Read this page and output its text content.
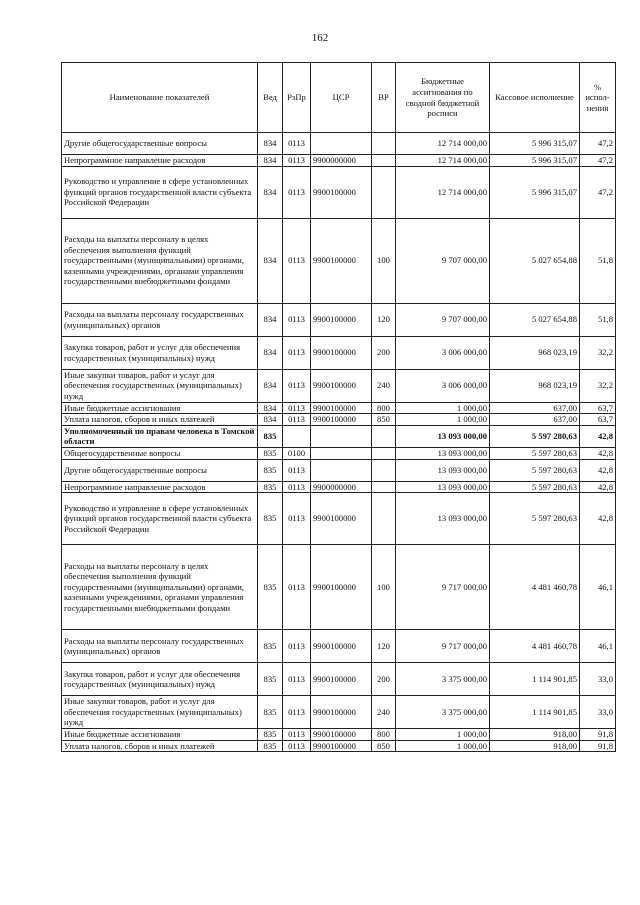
162
Наименование показателей	Вед	РзПр	ЦСР	ВР	Бюджетные ассигнования по сводной бюджетной росписи	Кассовое исполнение	% испол-нения
Другие общегосударственные вопросы	834	0113			12 714 000,00	5 996 315,07	47,2
Непрограммное направление расходов	834	0113	9900000000		12 714 000,00	5 996 315,07	47,2
Руководство и управление в сфере установленных функций органов государственной власти субъекта Российской Федерации	834	0113	9900100000		12 714 000,00	5 996 315,07	47,2
Расходы на выплаты персоналу в целях обеспечения выполнения функций государственными (муниципальными) органами, казенными учреждениями, органами управления государственными внебюджетными фондами	834	0113	9900100000	100	9 707 000,00	5 027 654,88	51,8
Расходы на выплаты персоналу государственных (муниципальных) органов	834	0113	9900100000	120	9 707 000,00	5 027 654,88	51,8
Закупка товаров, работ и услуг для обеспечения государственных (муниципальных) нужд	834	0113	9900100000	200	3 006 000,00	968 023,19	32,2
Иные закупки товаров, работ и услуг для обеспечения государственных (муниципальных) нужд	834	0113	9900100000	240	3 006 000,00	968 023,19	32,2
Иные бюджетные ассигнования	834	0113	9900100000	800	1 000,00	637,00	63,7
Уплата налогов, сборов и иных платежей	834	0113	9900100000	850	1 000,00	637,00	63,7
Уполномоченный по правам человека в Томской области	835				13 093 000,00	5 597 280,63	42,8
Общегосударственные вопросы	835	0100			13 093 000,00	5 597 280,63	42,8
Другие общегосударственные вопросы	835	0113			13 093 000,00	5 597 280,63	42,8
Непрограммное направление расходов	835	0113	9900000000		13 093 000,00	5 597 280,63	42,8
Руководство и управление в сфере установленных функций органов государственной власти субъекта Российской Федерации	835	0113	9900100000		13 093 000,00	5 597 280,63	42,8
Расходы на выплаты персоналу в целях обеспечения выполнения функций государственными (муниципальными) органами, казенными учреждениями, органами управления государственными внебюджетными фондами	835	0113	9900100000	100	9 717 000,00	4 481 460,78	46,1
Расходы на выплаты персоналу государственных (муниципальных) органов	835	0113	9900100000	120	9 717 000,00	4 481 460,78	46,1
Закупка товаров, работ и услуг для обеспечения государственных (муниципальных) нужд	835	0113	9900100000	200	3 375 000,00	1 114 901,85	33,0
Иные закупки товаров, работ и услуг для обеспечения государственных (муниципальных) нужд	835	0113	9900100000	240	3 375 000,00	1 114 901,85	33,0
Иные бюджетные ассигнования	835	0113	9900100000	800	1 000,00	918,00	91,8
Уплата налогов, сборов и иных платежей	835	0113	9900100000	850	1 000,00	918,00	91,8
